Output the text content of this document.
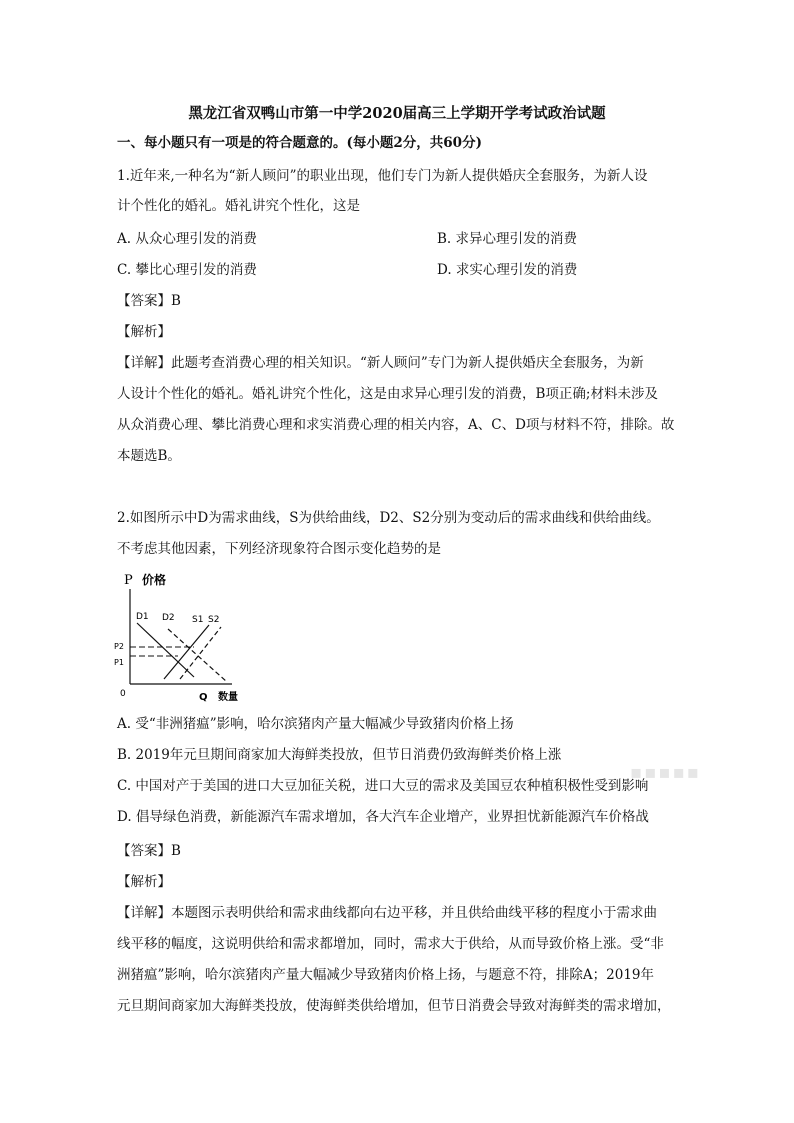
黑龙江省双鸭山市第一中学2020届高三上学期开学考试政治试题
一、每小题只有一项是的符合题意的。(每小题2分，共60分)
1.近年来,一种名为“新人顾问”的职业出现，他们专门为新人提供婚庆全套服务，为新人设
计个性化的婚礼。婚礼讲究个性化，这是
A. 从众心理引发的消费	B. 求异心理引发的消费
C. 攀比心理引发的消费	D. 求实心理引发的消费
【答案】B
【解析】
【详解】此题考查消费心理的相关知识。“新人顾问”专门为新人提供婚庆全套服务，为新
人设计个性化的婚礼。婚礼讲究个性化，这是由求异心理引发的消费，B项正确;材料未涉及
从众消费心理、攀比消费心理和求实消费心理的相关内容，A、C、D项与材料不符，排除。故
本题选B。
2.如图所示中D为需求曲线，S为供给曲线，D2、S2分别为变动后的需求曲线和供给曲线。
不考虑其他因素，下列经济现象符合图示变化趋势的是
P 价格
0	Q 数量
P2
P1
D1 D2 S1 S2
A. 受“非洲猪瘟”影响，哈尔滨猪肉产量大幅减少导致猪肉价格上扬
B. 2019年元旦期间商家加大海鲜类投放，但节日消费仍致海鲜类价格上涨
C. 中国对产于美国的进口大豆加征关税，进口大豆的需求及美国豆农种植积极性受到影响
D. 倡导绿色消费，新能源汽车需求增加，各大汽车企业增产，业界担忧新能源汽车价格战
【答案】B
【解析】
【详解】本题图示表明供给和需求曲线都向右边平移，并且供给曲线平移的程度小于需求曲
线平移的幅度，这说明供给和需求都增加，同时，需求大于供给，从而导致价格上涨。受“非
洲猪瘟”影响，哈尔滨猪肉产量大幅减少导致猪肉价格上扬，与题意不符，排除A；2019年
元旦期间商家加大海鲜类投放，使海鲜类供给增加，但节日消费会导致对海鲜类的需求增加，
▪▪▪▪▪
